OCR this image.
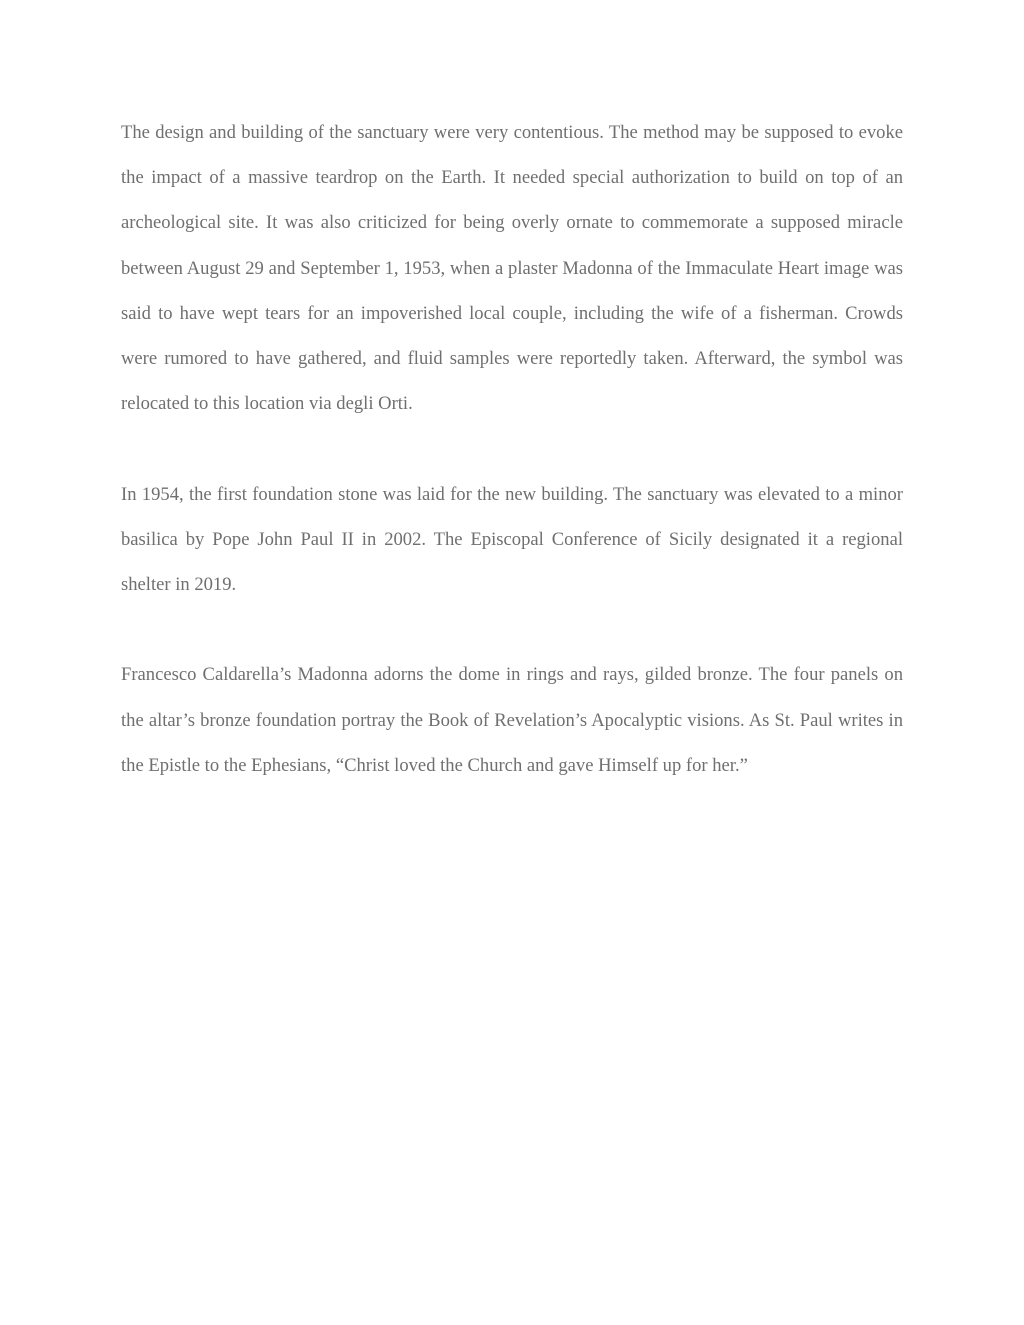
The design and building of the sanctuary were very contentious. The method may be supposed to evoke the impact of a massive teardrop on the Earth. It needed special authorization to build on top of an archeological site. It was also criticized for being overly ornate to commemorate a supposed miracle between August 29 and September 1, 1953, when a plaster Madonna of the Immaculate Heart image was said to have wept tears for an impoverished local couple, including the wife of a fisherman. Crowds were rumored to have gathered, and fluid samples were reportedly taken. Afterward, the symbol was relocated to this location via degli Orti.

In 1954, the first foundation stone was laid for the new building. The sanctuary was elevated to a minor basilica by Pope John Paul II in 2002. The Episcopal Conference of Sicily designated it a regional shelter in 2019.

Francesco Caldarella’s Madonna adorns the dome in rings and rays, gilded bronze. The four panels on the altar’s bronze foundation portray the Book of Revelation’s Apocalyptic visions. As St. Paul writes in the Epistle to the Ephesians, “Christ loved the Church and gave Himself up for her.”
